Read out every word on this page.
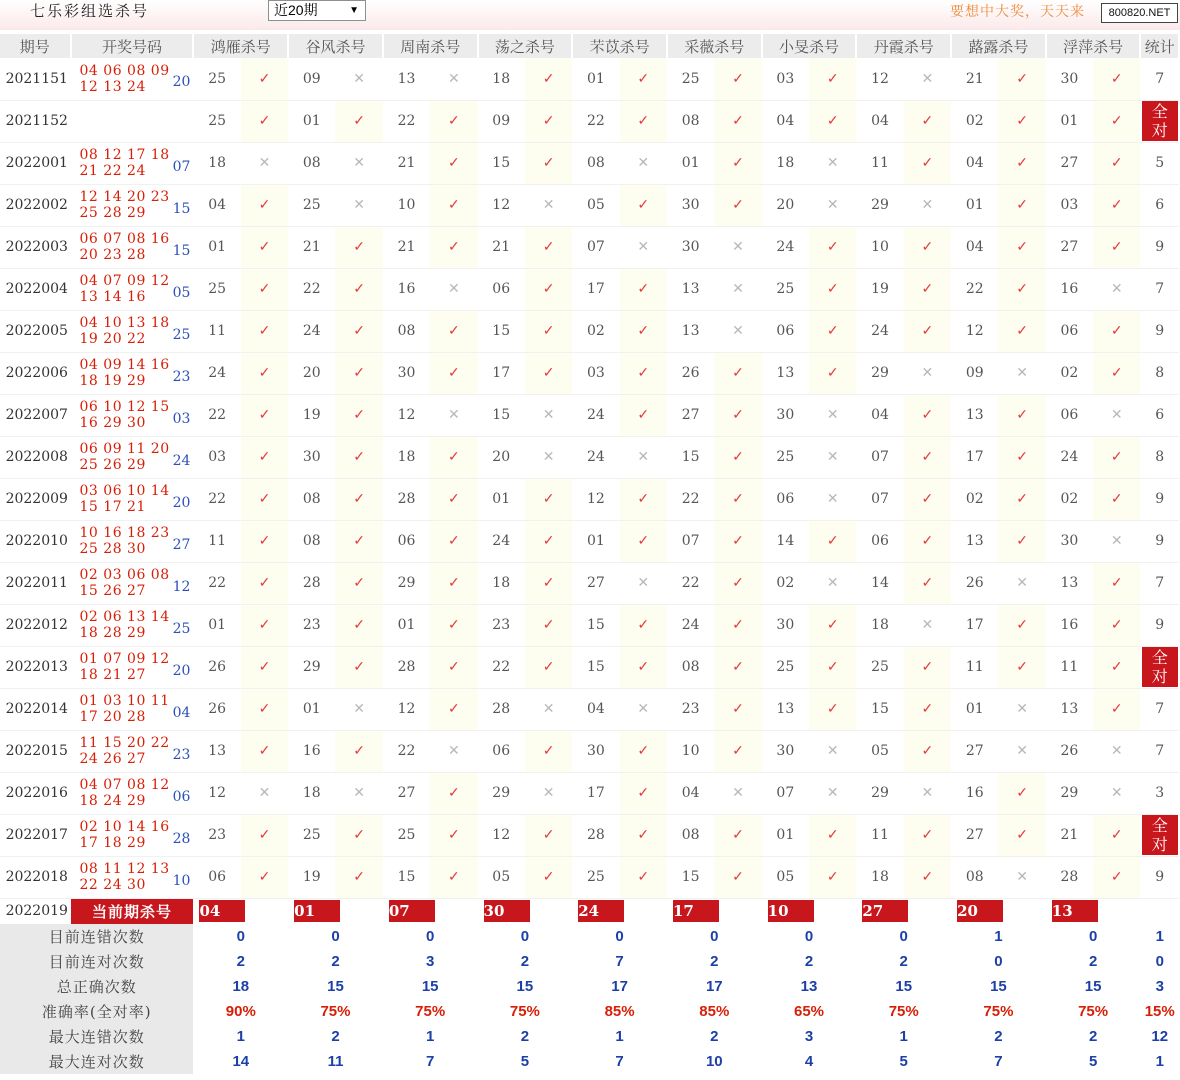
七乐彩组选杀号	近20期	▼	要想中大奖，天天来	800820.NET
期号	开奖号码	鸿雁杀号		谷风杀号		周南杀号		荡之杀号		芣苡杀号		采薇杀号		小旻杀号		丹霞杀号		蕗露杀号		浮萍杀号		统计
2021151	04 06 08 09
12 13 24 20	25	✓	09	✕	13	✕	18	✓	01	✓	25	✓	03	✓	12	✕	21	✓	30	✓	7
2021152		25	✓	01	✓	22	✓	09	✓	22	✓	08	✓	04	✓	04	✓	02	✓	01	✓	全
对
2022001	08 12 17 18
21 22 24 07	18	✕	08	✕	21	✓	15	✓	08	✕	01	✓	18	✕	11	✓	04	✓	27	✓	5
2022002	12 14 20 23
25 28 29 15	04	✓	25	✕	10	✓	12	✕	05	✓	30	✓	20	✕	29	✕	01	✓	03	✓	6
2022003	06 07 08 16
20 23 28 15	01	✓	21	✓	21	✓	21	✓	07	✕	30	✕	24	✓	10	✓	04	✓	27	✓	9
2022004	04 07 09 12
13 14 16 05	25	✓	22	✓	16	✕	06	✓	17	✓	13	✕	25	✓	19	✓	22	✓	16	✕	7
2022005	04 10 13 18
19 20 22 25	11	✓	24	✓	08	✓	15	✓	02	✓	13	✕	06	✓	24	✓	12	✓	06	✓	9
2022006	04 09 14 16
18 19 29 23	24	✓	20	✓	30	✓	17	✓	03	✓	26	✓	13	✓	29	✕	09	✕	02	✓	8
2022007	06 10 12 15
16 29 30 03	22	✓	19	✓	12	✕	15	✕	24	✓	27	✓	30	✕	04	✓	13	✓	06	✕	6
2022008	06 09 11 20
25 26 29 24	03	✓	30	✓	18	✓	20	✕	24	✕	15	✓	25	✕	07	✓	17	✓	24	✓	8
2022009	03 06 10 14
15 17 21 20	22	✓	08	✓	28	✓	01	✓	12	✓	22	✓	06	✕	07	✓	02	✓	02	✓	9
2022010	10 16 18 23
25 28 30 27	11	✓	08	✓	06	✓	24	✓	01	✓	07	✓	14	✓	06	✓	13	✓	30	✕	9
2022011	02 03 06 08
15 26 27 12	22	✓	28	✓	29	✓	18	✓	27	✕	22	✓	02	✕	14	✓	26	✕	13	✓	7
2022012	02 06 13 14
18 28 29 25	01	✓	23	✓	01	✓	23	✓	15	✓	24	✓	30	✓	18	✕	17	✓	16	✓	9
2022013	01 07 09 12
18 21 27 20	26	✓	29	✓	28	✓	22	✓	15	✓	08	✓	25	✓	25	✓	11	✓	11	✓	全
对
2022014	01 03 10 11
17 20 28 04	26	✓	01	✕	12	✓	28	✕	04	✕	23	✓	13	✓	15	✓	01	✕	13	✓	7
2022015	11 15 20 22
24 26 27 23	13	✓	16	✓	22	✕	06	✓	30	✓	10	✓	30	✕	05	✓	27	✕	26	✕	7
2022016	04 07 08 12
18 24 29 06	12	✕	18	✕	27	✓	29	✕	17	✓	04	✕	07	✕	29	✕	16	✓	29	✕	3
2022017	02 10 14 16
17 18 29 28	23	✓	25	✓	25	✓	12	✓	28	✓	08	✓	01	✓	11	✓	27	✓	21	✓	全
对
2022018	08 11 12 13
22 24 30 10	06	✓	19	✓	15	✓	05	✓	25	✓	15	✓	05	✓	18	✓	08	✕	28	✓	9
2022019	当前期杀号	04		01		07		30		24		17		10		27		20		13		
目前连错次数		0		0		0		0		0		0		0		0		1		0		1
目前连对次数		2		2		3		2		7		2		2		2		0		2		0
总正确次数		18		15		15		15		17		17		13		15		15		15		3
准确率(全对率)		90%		75%		75%		75%		85%		85%		65%		75%		75%		75%		15%
最大连错次数		1		2		1		2		1		2		3		1		2		2		12
最大连对次数		14		11		7		5		7		10		4		5		7		5		1
